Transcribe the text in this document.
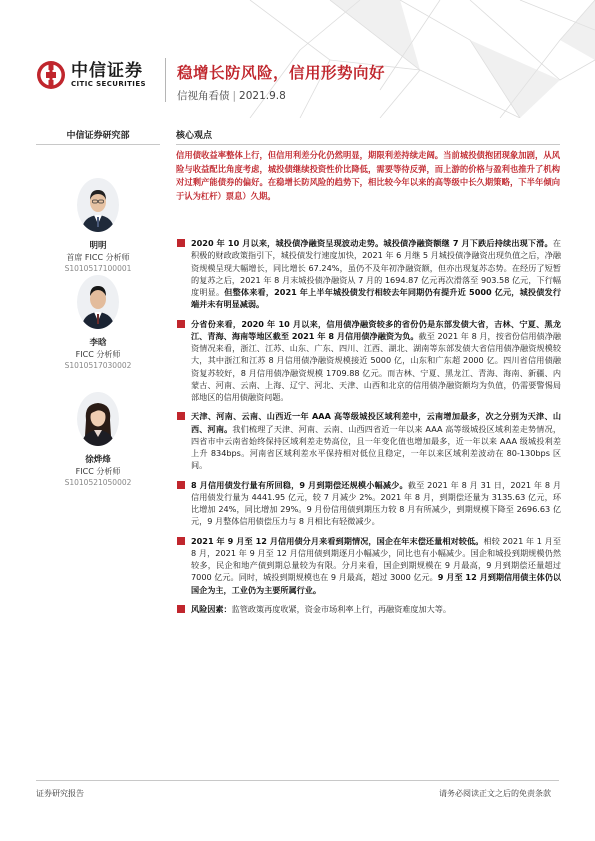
中信证券
CITIC SECURITIES
稳增长防风险，信用形势向好
信视角看债 | 2021.9.8
中信证券研究部
明明
首席 FICC 分析师
S1010517100001
李晗
FICC 分析师
S1010517030002
徐烨烽
FICC 分析师
S1010521050002
核心观点
信用债收益率整体上行，但信用利差分化仍然明显，期限利差持续走阔。当前城投债抱团现象加剧，从风险与收益配比角度考虑，城投债继续投资性价比降低，需要等待反弹，而上游的价格与盈利也推升了机构对过剩产能债券的偏好。在稳增长防风险的趋势下，相比较今年以来的高等级中长久期策略，下半年倾向于认为杠杆）票息）久期。
2020 年 10 月以来，城投债净融资呈现波动走势。城投债净融资额继 7 月下跌后持续出现下滑。在积极的财政政策指引下，城投债发行速度加快，2021 年 6 月继 5 月城投债净融资出现负值之后，净融资规模呈现大幅增长，同比增长 67.24%，虽仍不及年初净融资额，但亦出现复苏态势。在经历了短暂的复苏之后，2021 年 8 月末城投债净融资从 7 月的 1694.87 亿元再次滑落至 903.58 亿元，下行幅度明显。但整体来看，2021 年上半年城投债发行相较去年同期仍有提升近 5000 亿元，城投债发行端并未有明显减弱。
分省份来看，2020 年 10 月以来，信用债净融资较多的省份仍是东部发债大省，吉林、宁夏、黑龙江、青海、海南等地区截至 2021 年 8 月信用债净融资为负。截至 2021 年 8 月，按省份信用债净融资情况来看，浙江、江苏、山东、广东、四川、江西、湖北、湖南等东部发债大省信用债净融资规模较大，其中浙江和江苏 8 月信用债净融资规模接近 5000 亿，山东和广东超 2000 亿。四川省信用债融资复苏较好，8 月信用债净融资规模 1709.88 亿元。而吉林、宁夏、黑龙江、青海、海南、新疆、内蒙古、河南、云南、上海、辽宁、河北、天津、山西和北京的信用债净融资额均为负值，仍需要警惕局部地区的信用债融资问题。
天津、河南、云南、山西近一年 AAA 高等级城投区域利差中，云南增加最多，次之分别为天津、山西、河南。我们梳理了天津、河南、云南、山西四省近一年以来 AAA 高等级城投区域利差走势情况，四省市中云南省始终保持区域利差走势高位，且一年变化值也增加最多，近一年以来 AAA 级城投利差上升 834bps。河南省区域利差水平保持相对低位且稳定，一年以来区域利差波动在 80-130bps 区间。
8 月信用债发行量有所回稳，9 月到期偿还规模小幅减少。截至 2021 年 8 月 31 日，2021 年 8 月信用债发行量为 4441.95 亿元，较 7 月减少 2%。2021 年 8 月，到期偿还量为 3135.63 亿元，环比增加 24%，同比增加 29%。9 月份信用债到期压力较 8 月有所减少，到期规模下降至 2696.63 亿元，9 月整体信用债偿压力与 8 月相比有轻微减少。
2021 年 9 月至 12 月信用债分月来看到期情况，国企在年末偿还量相对较低。相较 2021 年 1 月至 8 月，2021 年 9 月至 12 月信用债到期逐月小幅减少，同比也有小幅减少。国企和城投到期规模仍然较多，民企和地产债到期总量较为有限。分月来看，国企到期规模在 9 月最高，9 月到期偿还量超过 7000 亿元。同时，城投到期规模也在 9 月最高，超过 3000 亿元。9 月至 12 月到期信用债主体仍以国企为主，工业仍为主要所属行业。
风险因素：监管政策再度收紧，资金市场利率上行，再融资难度加大等。
证券研究报告	请务必阅读正文之后的免责条款
